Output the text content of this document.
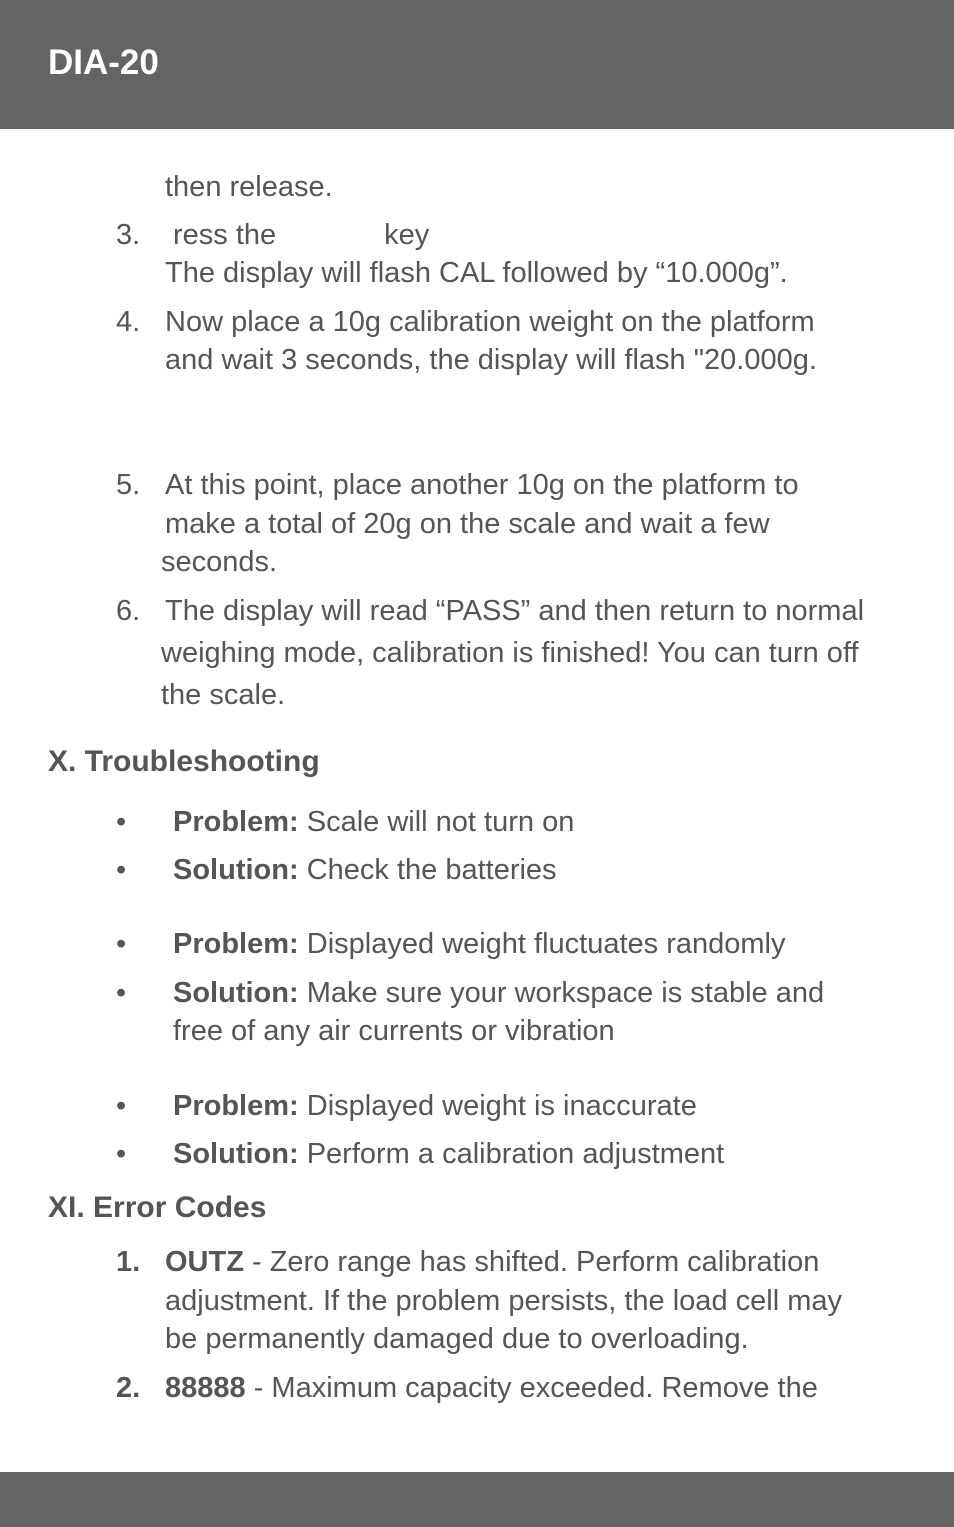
DIA-20
then release.
3. ress the	key
The display will flash CAL followed by “10.000g”.
4. Now place a 10g calibration weight on the platform
and wait 3 seconds, the display will flash "20.000g.
5. At this point, place another 10g on the platform to
make a total of 20g on the scale and wait a few
seconds.
6. The display will read “PASS” and then return to normal
weighing mode, calibration is finished! You can turn off
the scale.
X. Troubleshooting
• Problem: Scale will not turn on
• Solution: Check the batteries
• Problem: Displayed weight fluctuates randomly
• Solution: Make sure your workspace is stable and
free of any air currents or vibration
• Problem: Displayed weight is inaccurate
• Solution: Perform a calibration adjustment
XI. Error Codes
1. OUTZ - Zero range has shifted. Perform calibration
adjustment. If the problem persists, the load cell may
be permanently damaged due to overloading.
2. 88888 - Maximum capacity exceeded. Remove the
